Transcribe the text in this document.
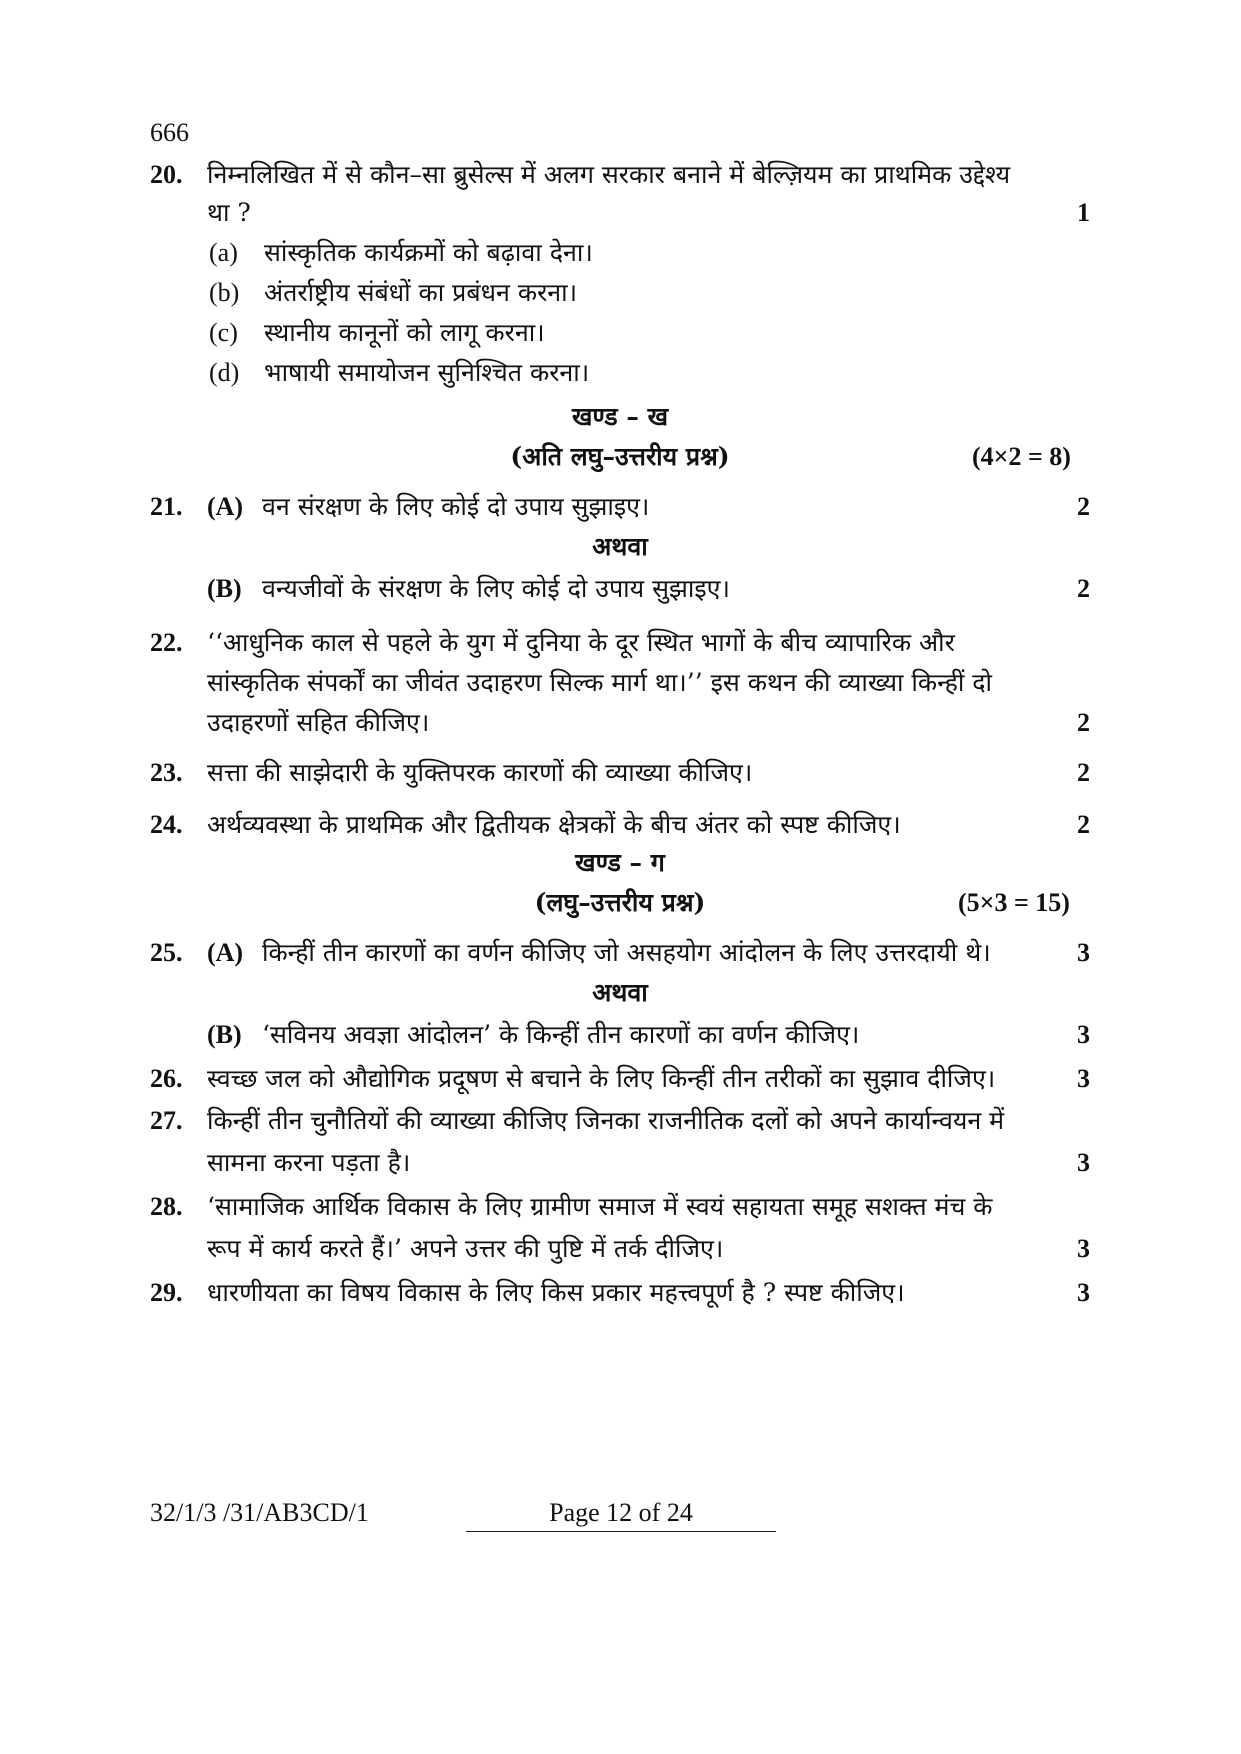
666
20. निम्नलिखित में से कौन–सा ब्रुसेल्स में अलग सरकार बनाने में बेल्ज़ियम का प्राथमिक उद्देश्य
था ?	1
(a) सांस्कृतिक कार्यक्रमों को बढ़ावा देना।
(b) अंतर्राष्ट्रीय संबंधों का प्रबंधन करना।
(c) स्थानीय कानूनों को लागू करना।
(d) भाषायी समायोजन सुनिश्चित करना।
खण्ड – ख
(अति लघु–उत्तरीय प्रश्न)	(4×2 = 8)
21. (A) वन संरक्षण के लिए कोई दो उपाय सुझाइए।	2
अथवा
(B) वन्यजीवों के संरक्षण के लिए कोई दो उपाय सुझाइए।	2
22. ‘‘आधुनिक काल से पहले के युग में दुनिया के दूर स्थित भागों के बीच व्यापारिक और
सांस्कृतिक संपर्कों का जीवंत उदाहरण सिल्क मार्ग था।’’ इस कथन की व्याख्या किन्हीं दो
उदाहरणों सहित कीजिए।	2
23. सत्ता की साझेदारी के युक्तिपरक कारणों की व्याख्या कीजिए।	2
24. अर्थव्यवस्था के प्राथमिक और द्वितीयक क्षेत्रकों के बीच अंतर को स्पष्ट कीजिए।	2
खण्ड – ग
(लघु–उत्तरीय प्रश्न)	(5×3 = 15)
25. (A) किन्हीं तीन कारणों का वर्णन कीजिए जो असहयोग आंदोलन के लिए उत्तरदायी थे।	3
अथवा
(B) ‘सविनय अवज्ञा आंदोलन’ के किन्हीं तीन कारणों का वर्णन कीजिए।	3
26. स्वच्छ जल को औद्योगिक प्रदूषण से बचाने के लिए किन्हीं तीन तरीकों का सुझाव दीजिए।	3
27. किन्हीं तीन चुनौतियों की व्याख्या कीजिए जिनका राजनीतिक दलों को अपने कार्यान्वयन में
सामना करना पड़ता है।	3
28. ‘सामाजिक आर्थिक विकास के लिए ग्रामीण समाज में स्वयं सहायता समूह सशक्त मंच के
रूप में कार्य करते हैं।’ अपने उत्तर की पुष्टि में तर्क दीजिए।	3
29. धारणीयता का विषय विकास के लिए किस प्रकार महत्त्वपूर्ण है ? स्पष्ट कीजिए।	3
32/1/3 /31/AB3CD/1	Page 12 of 24
